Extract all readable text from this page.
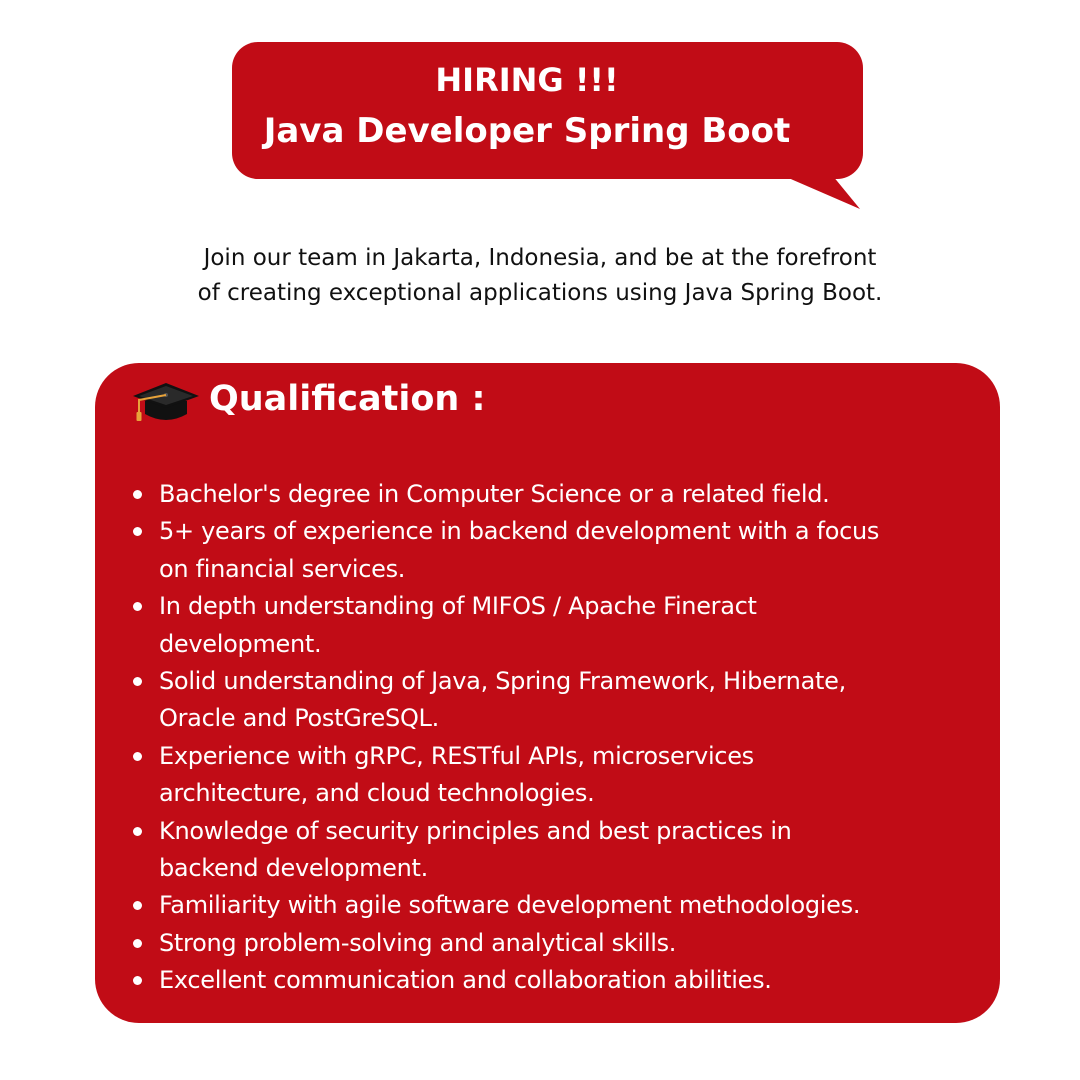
HIRING !!!
Java Developer Spring Boot
Join our team in Jakarta, Indonesia, and be at the forefront
of creating exceptional applications using Java Spring Boot.
Qualification :
Bachelor's degree in Computer Science or a related field.
5+ years of experience in backend development with a focus
on financial services.
In depth understanding of MIFOS / Apache Fineract
development.
Solid understanding of Java, Spring Framework, Hibernate,
Oracle and PostGreSQL.
Experience with gRPC, RESTful APIs, microservices
architecture, and cloud technologies.
Knowledge of security principles and best practices in
backend development.
Familiarity with agile software development methodologies.
Strong problem-solving and analytical skills.
Excellent communication and collaboration abilities.
